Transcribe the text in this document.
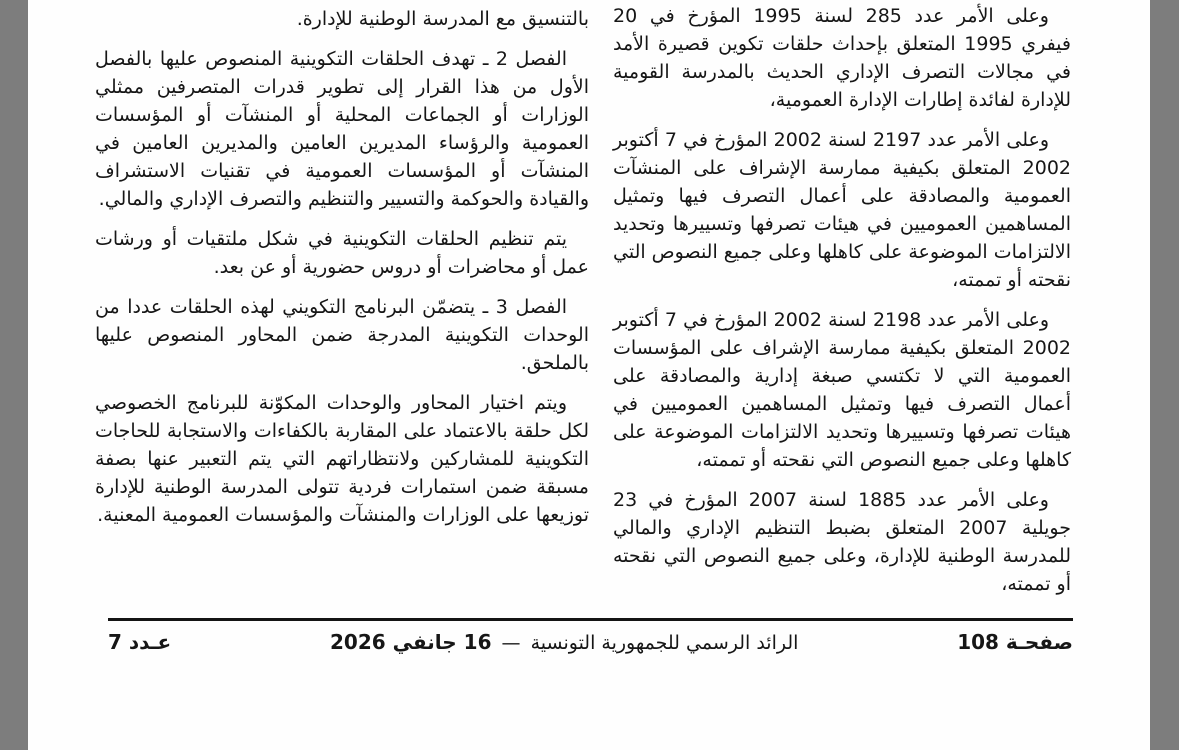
وعلى الأمر عدد 285 لسنة 1995 المؤرخ في 20 فيفري 1995 المتعلق بإحداث حلقات تكوين قصيرة الأمد في مجالات التصرف الإداري الحديث بالمدرسة القومية للإدارة لفائدة إطارات الإدارة العمومية،

وعلى الأمر عدد 2197 لسنة 2002 المؤرخ في 7 أكتوبر 2002 المتعلق بكيفية ممارسة الإشراف على المنشآت العمومية والمصادقة على أعمال التصرف فيها وتمثيل المساهمين العموميين في هيئات تصرفها وتسييرها وتحديد الالتزامات الموضوعة على كاهلها وعلى جميع النصوص التي نقحته أو تممته،

وعلى الأمر عدد 2198 لسنة 2002 المؤرخ في 7 أكتوبر 2002 المتعلق بكيفية ممارسة الإشراف على المؤسسات العمومية التي لا تكتسي صبغة إدارية والمصادقة على أعمال التصرف فيها وتمثيل المساهمين العموميين في هيئات تصرفها وتسييرها وتحديد الالتزامات الموضوعة على كاهلها وعلى جميع النصوص التي نقحته أو تممته،

وعلى الأمر عدد 1885 لسنة 2007 المؤرخ في 23 جويلية 2007 المتعلق بضبط التنظيم الإداري والمالي للمدرسة الوطنية للإدارة، وعلى جميع النصوص التي نقحته أو تممته،

بالتنسيق مع المدرسة الوطنية للإدارة.

الفصل 2 ـ تهدف الحلقات التكوينية المنصوص عليها بالفصل الأول من هذا القرار إلى تطوير قدرات المتصرفين ممثلي الوزارات أو الجماعات المحلية أو المنشآت أو المؤسسات العمومية والرؤساء المديرين العامين والمديرين العامين في المنشآت أو المؤسسات العمومية في تقنيات الاستشراف والقيادة والحوكمة والتسيير والتنظيم والتصرف الإداري والمالي.

يتم تنظيم الحلقات التكوينية في شكل ملتقيات أو ورشات عمل أو محاضرات أو دروس حضورية أو عن بعد.

الفصل 3 ـ يتضمّن البرنامج التكويني لهذه الحلقات عددا من الوحدات التكوينية المدرجة ضمن المحاور المنصوص عليها بالملحق.

ويتم اختيار المحاور والوحدات المكوّنة للبرنامج الخصوصي لكل حلقة بالاعتماد على المقاربة بالكفاءات والاستجابة للحاجات التكوينية للمشاركين ولانتظاراتهم التي يتم التعبير عنها بصفة مسبقة ضمن استمارات فردية تتولى المدرسة الوطنية للإدارة توزيعها على الوزارات والمنشآت والمؤسسات العمومية المعنية.

صفحـة 108
الرائد الرسمي للجمهورية التونسية — 16 جانفي 2026
عـدد 7
